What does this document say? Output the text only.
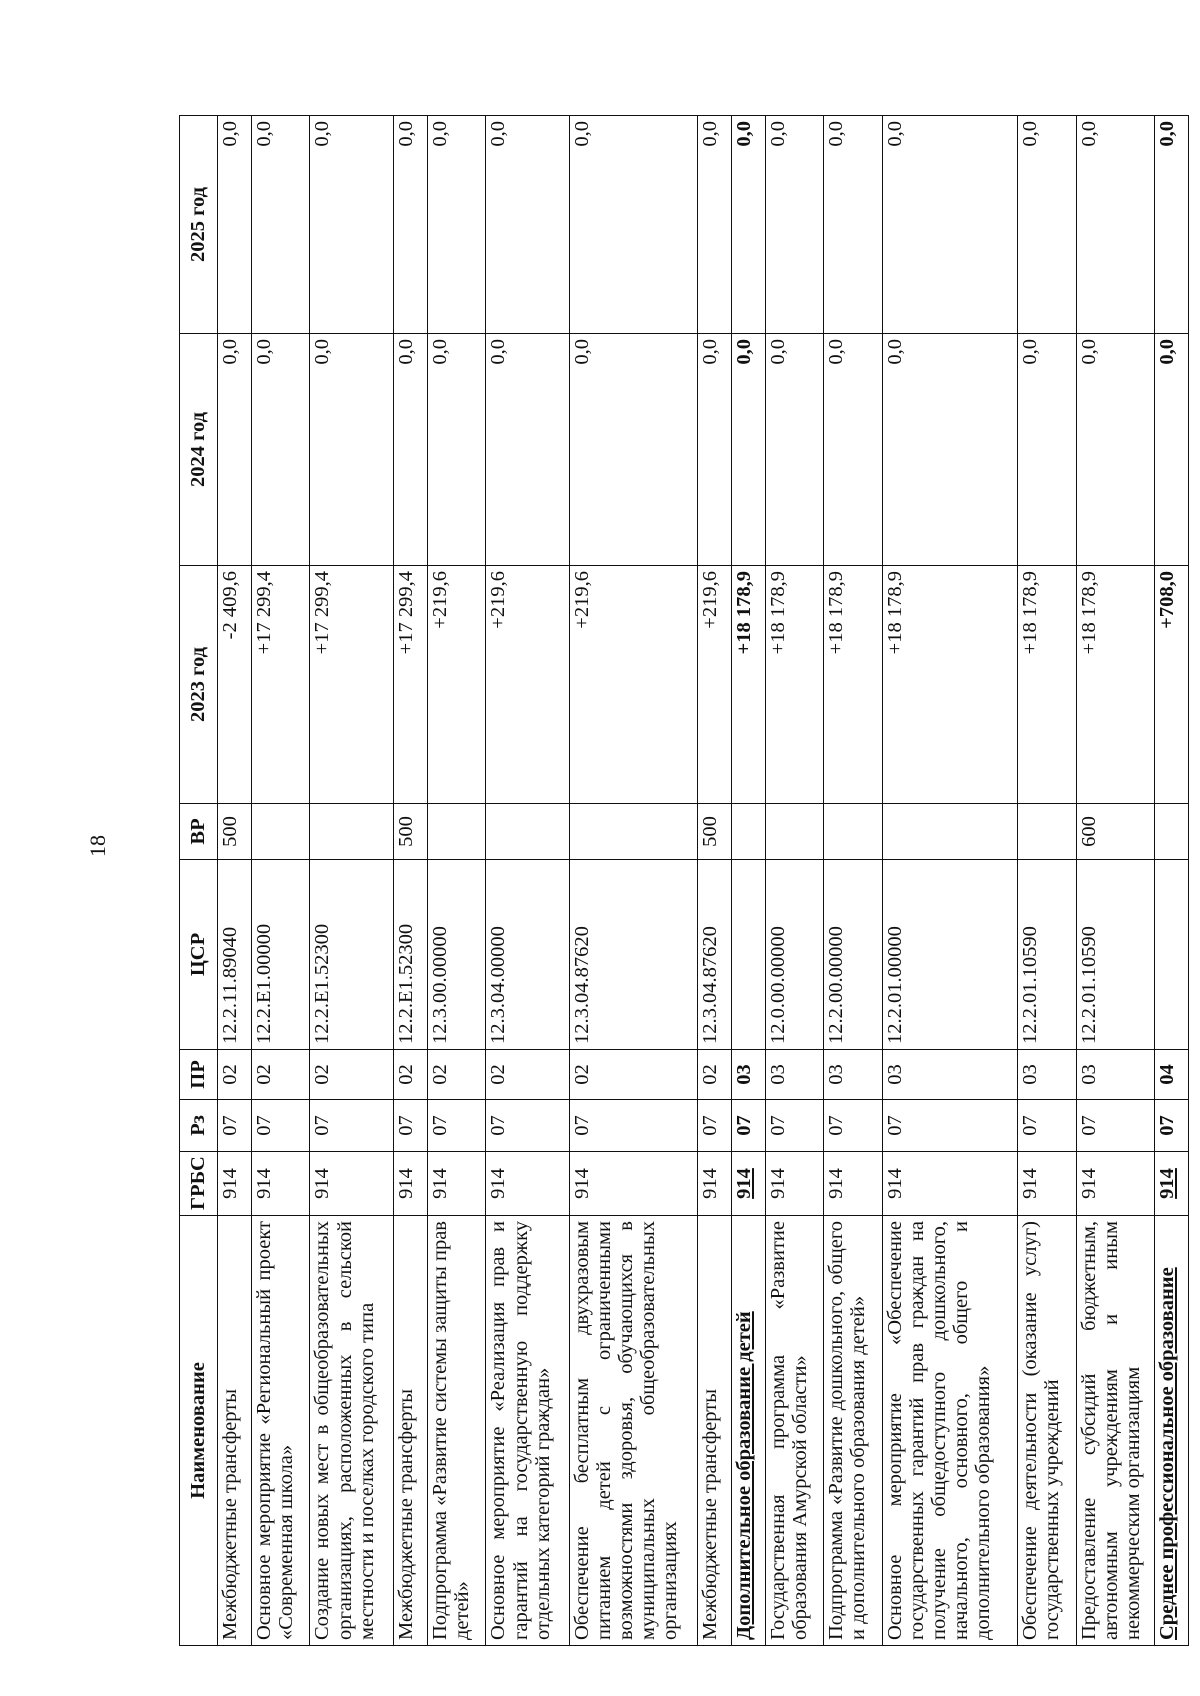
18
Наименование	ГРБС	Рз	ПР	ЦСР	ВР	2023 год	2024 год	2025 год
Межбюджетные трансферты	914	07	02	12.2.11.89040	500	-2 409,6	0,0	0,0
Основное мероприятие «Региональный проект «Современная школа»	914	07	02	12.2.Е1.00000		+17 299,4	0,0	0,0
Создание новых мест в общеобразовательных организациях, расположенных в сельской местности и поселках городского типа	914	07	02	12.2.Е1.52300		+17 299,4	0,0	0,0
Межбюджетные трансферты	914	07	02	12.2.Е1.52300	500	+17 299,4	0,0	0,0
Подпрограмма «Развитие системы защиты прав детей»	914	07	02	12.3.00.00000		+219,6	0,0	0,0
Основное мероприятие «Реализация прав и гарантий на государственную поддержку отдельных категорий граждан»	914	07	02	12.3.04.00000		+219,6	0,0	0,0
Обеспечение бесплатным двухразовым питанием детей с ограниченными возможностями здоровья, обучающихся в муниципальных общеобразовательных организациях	914	07	02	12.3.04.87620		+219,6	0,0	0,0
Межбюджетные трансферты	914	07	02	12.3.04.87620	500	+219,6	0,0	0,0
Дополнительное образование детей	914	07	03			+18 178,9	0,0	0,0
Государственная программа «Развитие образования Амурской области»	914	07	03	12.0.00.00000		+18 178,9	0,0	0,0
Подпрограмма «Развитие дошкольного, общего и дополнительного образования детей»	914	07	03	12.2.00.00000		+18 178,9	0,0	0,0
Основное мероприятие «Обеспечение государственных гарантий прав граждан на получение общедоступного дошкольного, начального, основного, общего и дополнительного образования»	914	07	03	12.2.01.00000		+18 178,9	0,0	0,0
Обеспечение деятельности (оказание услуг) государственных учреждений	914	07	03	12.2.01.10590		+18 178,9	0,0	0,0
Предоставление субсидий бюджетным, автономным учреждениям и иным некоммерческим организациям	914	07	03	12.2.01.10590	600	+18 178,9	0,0	0,0
Среднее профессиональное образование	914	07	04			+708,0	0,0	0,0
